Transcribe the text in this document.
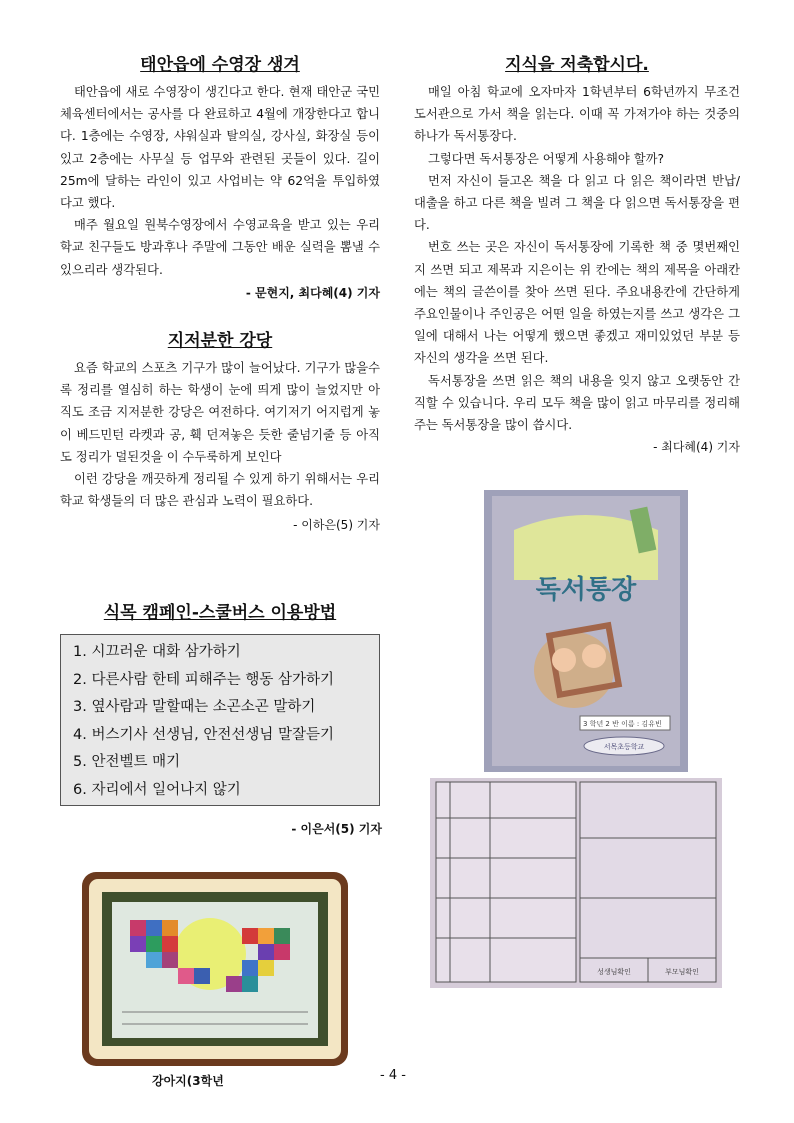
태안읍에 수영장 생겨

태안읍에 새로 수영장이 생긴다고 한다. 현재 태안군 국민체육센터에서는 공사를 다 완료하고 4월에 개장한다고 합니다. 1층에는 수영장, 샤워실과 탈의실, 강사실, 화장실 등이 있고 2층에는 사무실 등 업무와 관련된 곳들이 있다. 길이25m에 달하는 라인이 있고 사업비는 약 62억을 투입하였다고 했다.

매주 월요일 원북수영장에서 수영교육을 받고 있는 우리 학교 친구들도 방과후나 주말에 그동안 배운 실력을 뽐낼 수 있으리라 생각된다.

- 문현지, 최다혜(4) 기자

지저분한 강당

요즘 학교의 스포츠 기구가 많이 늘어났다. 기구가 많을수록 정리를 열심히 하는 학생이 눈에 띄게 많이 늘었지만 아직도 조금 지저분한 강당은 여전하다. 여기저기 어지럽게 놓이 베드민턴 라켓과 공, 훽 던져놓은 듯한 줄넘기줄 등 아직도 정리가 덜된것을 이 수두룩하게 보인다

이런 강당을 깨끗하게 정리될 수 있게 하기 위해서는 우리 학교 학생들의 더 많은 관심과 노력이 필요하다.

- 이하은(5) 기자

식목 캠페인-스쿨버스 이용방법
1. 시끄러운 대화 삼가하기
2. 다른사람 한테 피해주는 행동 삼가하기
3. 옆사람과 말할때는 소곤소곤 말하기
4. 버스기사 선생님, 안전선생님 말잘듣기
5. 안전벨트 매기
6. 자리에서 일어나지 않기

- 이은서(5) 기자

강아지(3학년
지식을 저축합시다.

매일 아침 학교에 오자마자 1학년부터 6학년까지 무조건 도서관으로 가서 책을 읽는다. 이때 꼭 가져가야 하는 것중의 하나가 독서통장다.

그렇다면 독서통장은 어떻게 사용해야 할까?

먼저 자신이 들고온 책을 다 읽고 다 읽은 책이라면 반납/대출을 하고 다른 책을 빌려 그 책을 다 읽으면 독서통장을 편다.

번호 쓰는 곳은 자신이 독서통장에 기록한 책 중 몇번째인지 쓰면 되고 제목과 지은이는 위 칸에는 책의 제목을 아래칸에는 책의 글쓴이를 찾아 쓰면 된다. 주요내용칸에 간단하게 주요인물이나 주인공은 어떤 일을 하였는지를 쓰고 생각은 그 일에 대해서 나는 어떻게 했으면 좋겠고 재미있었던 부분 등 자신의 생각을 쓰면 된다.

독서통장을 쓰면 읽은 책의 내용을 잊지 않고 오랫동안 간직할 수 있습니다. 우리 모두 책을 많이 읽고 마무리를 정리해주는 독서통장을 많이 씁시다.

- 최다혜(4) 기자

독서통장
3 학년 2 반 이름 : 김유빈
서목초등학교
성생님확인	부모님확인
- 4 -
